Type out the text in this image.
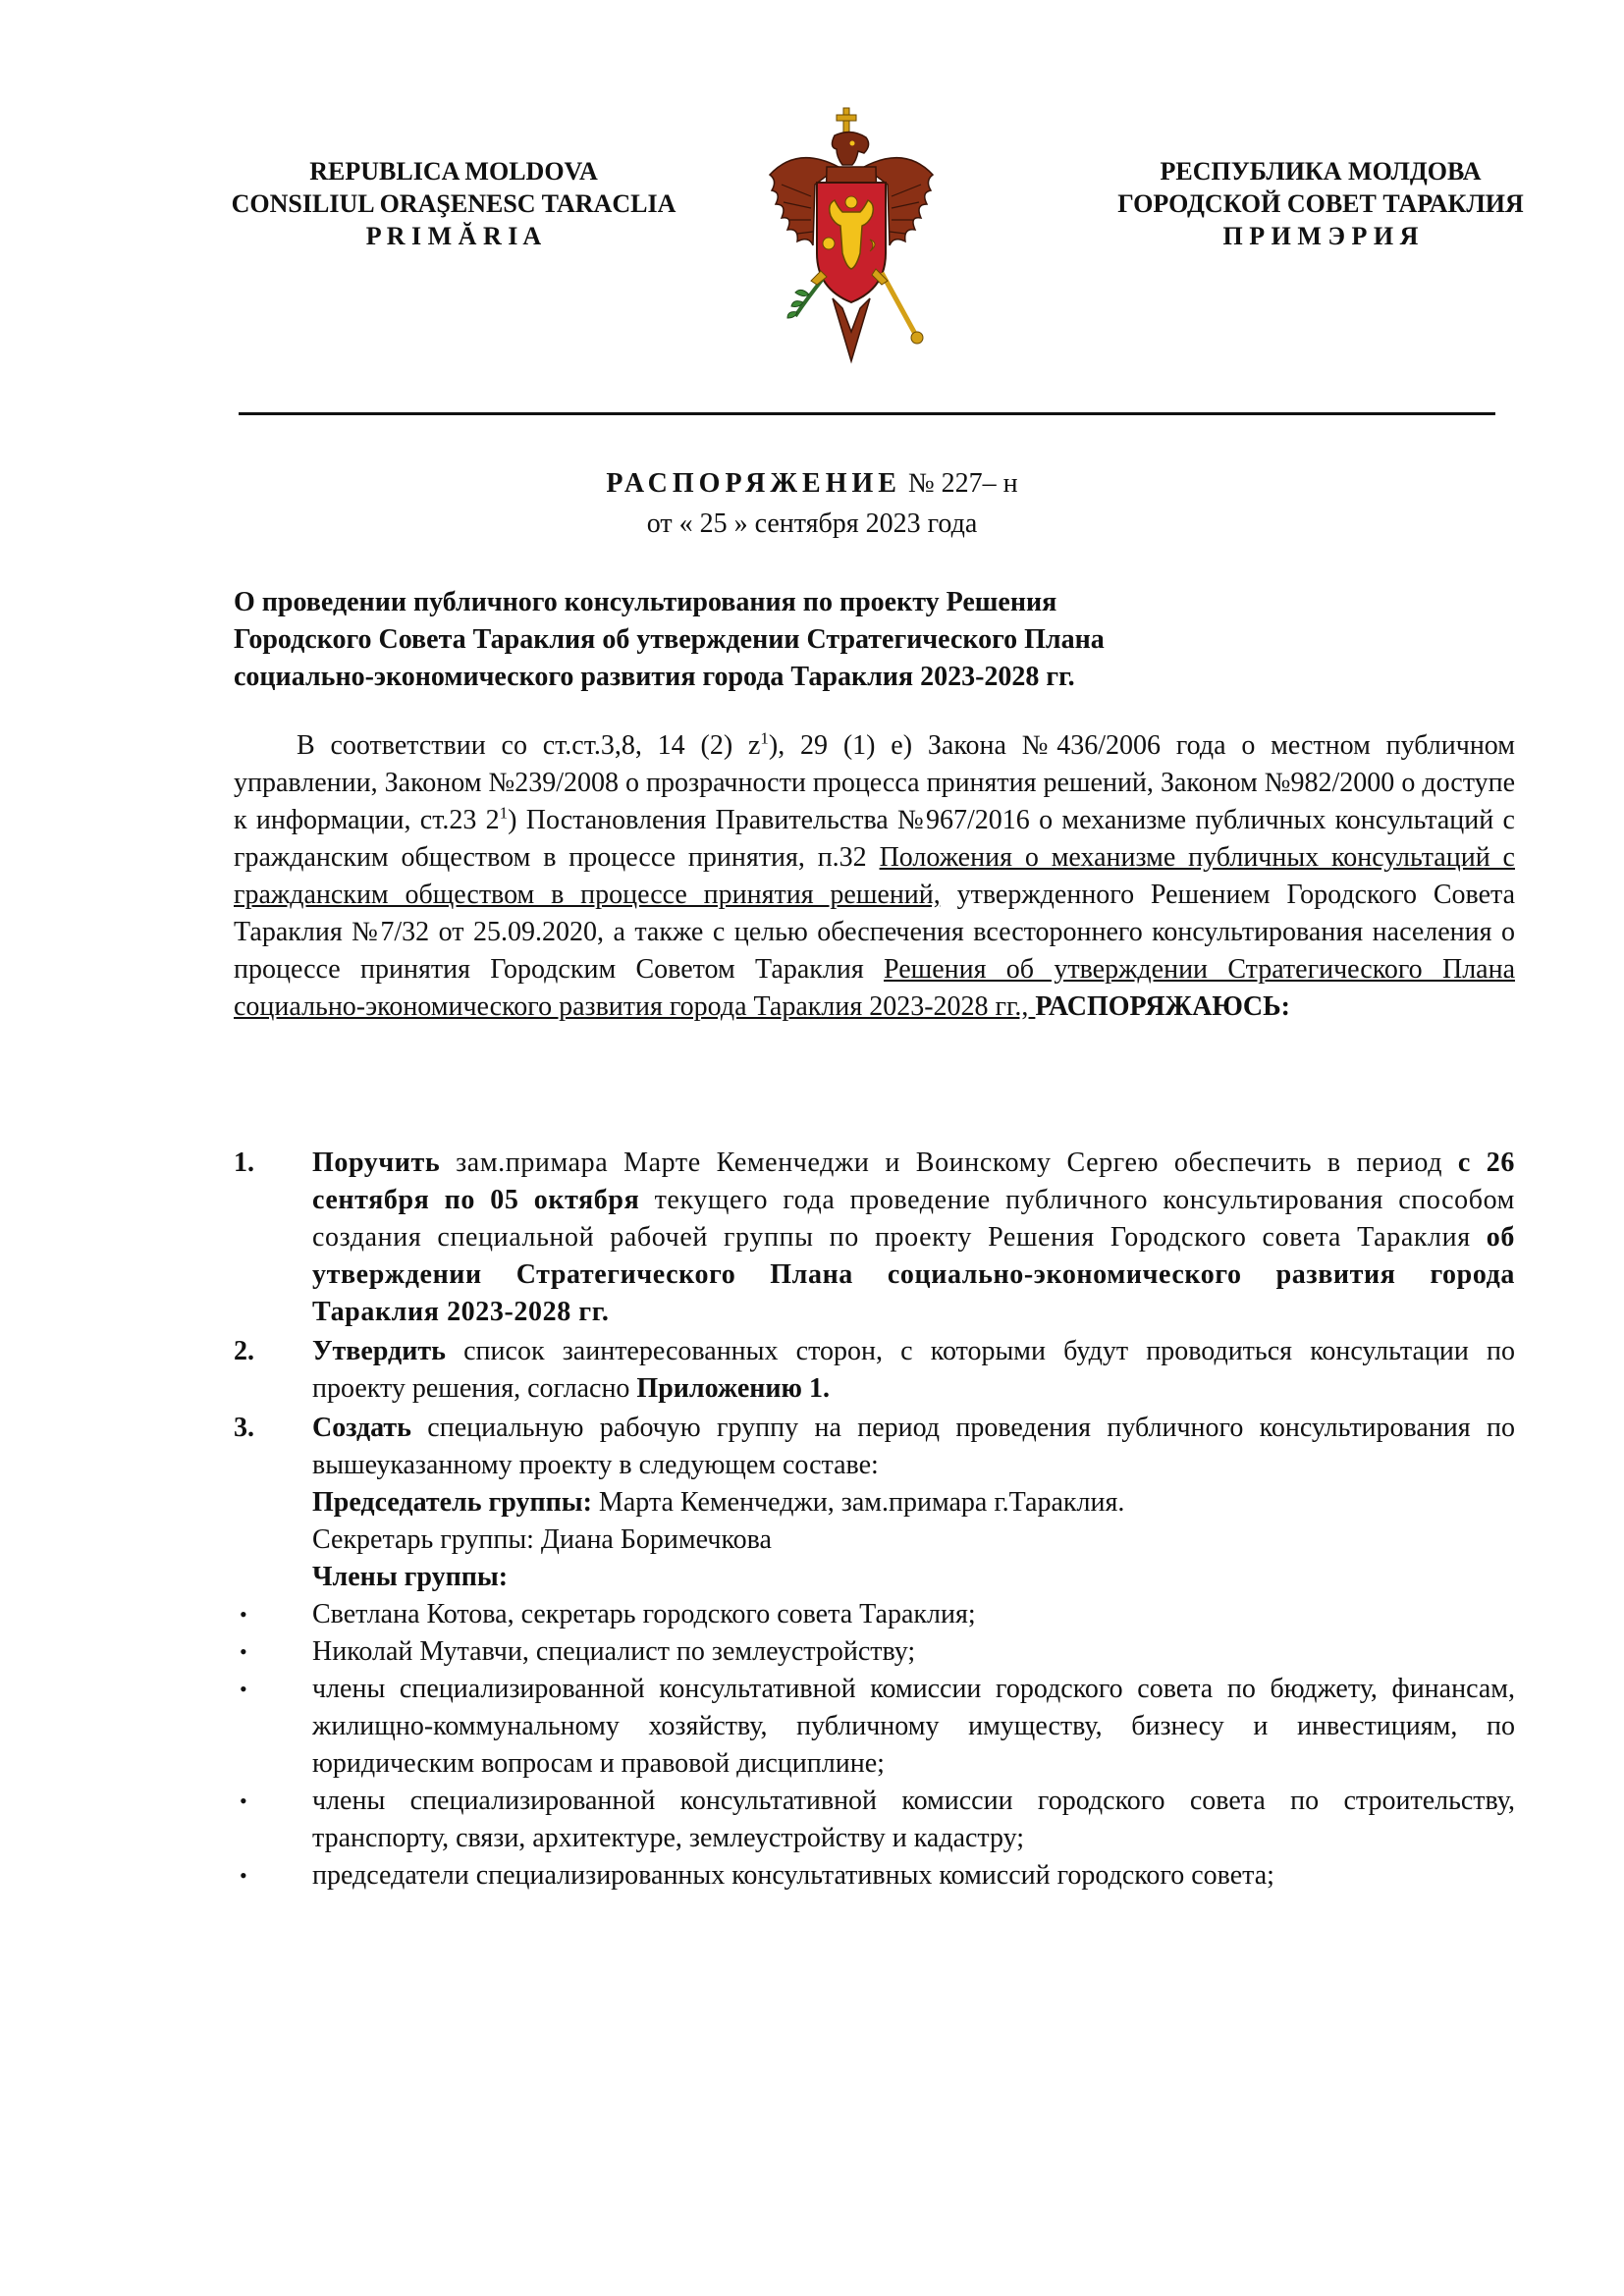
REPUBLICA MOLDOVA
CONSILIUL ORAŞENESC TARACLIA
P R I M Ă R I A
РЕСПУБЛИКА МОЛДОВА
ГОРОДСКОЙ СОВЕТ ТАРАКЛИЯ
П Р И М Э Р И Я
РАСПОРЯЖЕНИЕ № 227– н
от « 25 » сентября 2023 года
О проведении публичного консультирования по проекту Решения
Городского Совета Тараклия об утверждении Стратегического Плана
социально-экономического развития города Тараклия 2023-2028 гг.
В соответствии со ст.ст.3,8, 14 (2) $z^1$), 29 (1) е) Закона №436/2006 года о местном публичном управлении, Законом №239/2008 о прозрачности процесса принятия решений, Законом №982/2000 о доступе к информации, ст.23 $2^1$) Постановления Правительства №967/2016 о механизме публичных консультаций с гражданским обществом в процессе принятия, п.32 Положения о механизме публичных консультаций с гражданским обществом в процессе принятия решений, утвержденного Решением Городского Совета Тараклия №7/32 от 25.09.2020, а также с целью обеспечения всестороннего консультирования населения о процессе принятия Городским Советом Тараклия Решения об утверждении Стратегического Плана социально-экономического развития города Тараклия 2023-2028 гг., РАСПОРЯЖАЮСЬ:
1. Поручить зам.примара Марте Кеменчеджи и Воинскому Сергею обеспечить в период с 26 сентября по 05 октября текущего года проведение публичного консультирования способом создания специальной рабочей группы по проекту Решения Городского совета Тараклия об утверждении Стратегического Плана социально-экономического развития города Тараклия 2023-2028 гг.
2. Утвердить список заинтересованных сторон, с которыми будут проводиться консультации по проекту решения, согласно Приложению 1.
3. Создать специальную рабочую группу на период проведения публичного консультирования по вышеуказанному проекту в следующем составе:
Председатель группы: Марта Кеменчеджи, зам.примара г.Тараклия.
Секретарь группы: Диана Боримечкова
Члены группы:
• Светлана Котова, секретарь городского совета Тараклия;
• Николай Мутавчи, специалист по землеустройству;
• члены специализированной консультативной комиссии городского совета по бюджету, финансам, жилищно-коммунальному хозяйству, публичному имуществу, бизнесу и инвестициям, по юридическим вопросам и правовой дисциплине;
• члены специализированной консультативной комиссии городского совета по строительству, транспорту, связи, архитектуре, землеустройству и кадастру;
• председатели специализированных консультативных комиссий городского совета;
